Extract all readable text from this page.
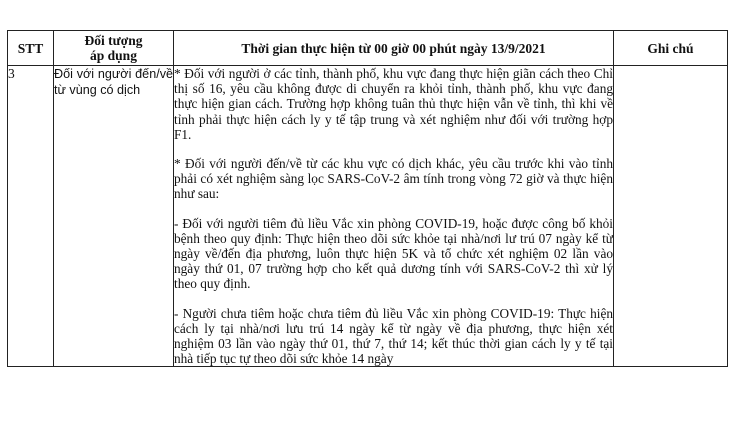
STT	Đối tượng
áp dụng	Thời gian thực hiện từ 00 giờ 00 phút ngày 13/9/2021	Ghi chú
3	Đối với người đến/về từ vùng có dịch	* Đối với người ở các tỉnh, thành phố, khu vực đang thực hiện giãn cách theo Chỉ thị số 16, yêu cầu không được di chuyển ra khỏi tỉnh, thành phố, khu vực đang thực hiện gian cách. Trường hợp không tuân thủ thực hiện vẫn về tỉnh, thì khi về tỉnh phải thực hiện cách ly y tế tập trung và xét nghiệm như đối với trường hợp F1.

* Đối với người đến/về từ các khu vực có dịch khác, yêu cầu trước khi vào tỉnh phải có xét nghiệm sàng lọc SARS-CoV-2 âm tính trong vòng 72 giờ và thực hiện như sau:

- Đối với người tiêm đủ liều Vắc xin phòng COVID-19, hoặc được công bố khỏi bệnh theo quy định: Thực hiện theo dõi sức khỏe tại nhà/nơi lư trú 07 ngày kể từ ngày về/đến địa phương, luôn thực hiện 5K và tổ chức xét nghiệm 02 lần vào ngày thứ 01, 07 trường hợp cho kết quả dương tính với SARS-CoV-2 thì xử lý theo quy định.

- Người chưa tiêm hoặc chưa tiêm đủ liều Vắc xin phòng COVID-19: Thực hiện cách ly tại nhà/nơi lưu trú 14 ngày kể từ ngày về địa phương, thực hiện xét nghiệm 03 lần vào ngày thứ 01, thứ 7, thứ 14; kết thúc thời gian cách ly y tế tại nhà tiếp tục tự theo dõi sức khỏe 14 ngày	
